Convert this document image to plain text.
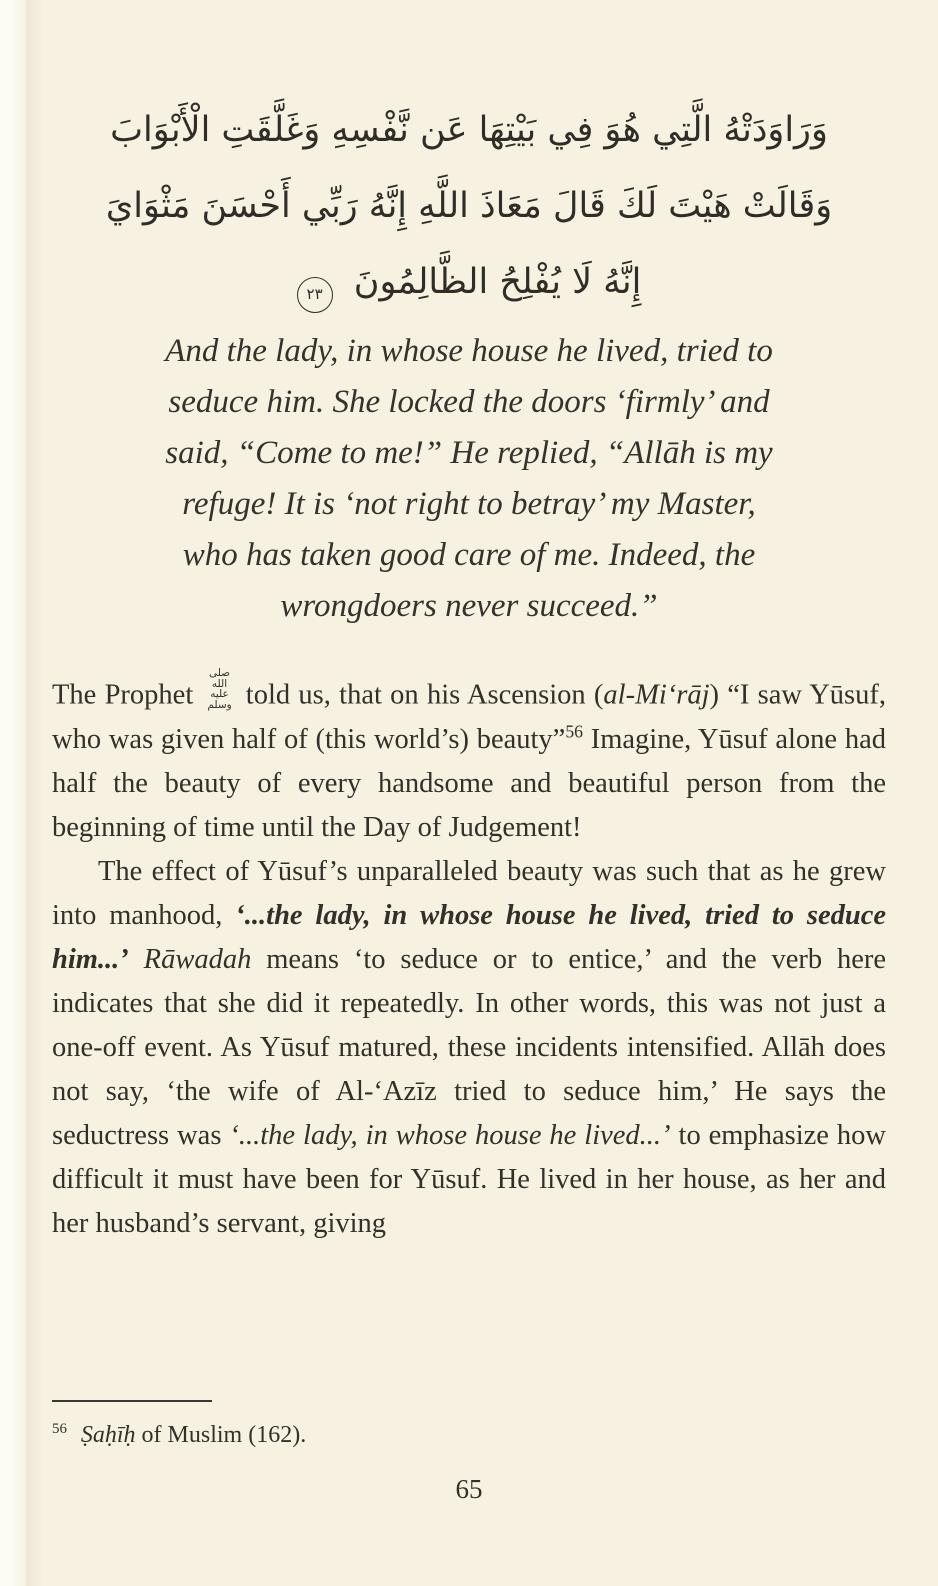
وَرَاوَدَتْهُ الَّتِي هُوَ فِي بَيْتِهَا عَن نَّفْسِهِ وَغَلَّقَتِ الْأَبْوَابَ
وَقَالَتْ هَيْتَ لَكَ قَالَ مَعَاذَ اللَّهِ إِنَّهُ رَبِّي أَحْسَنَ مَثْوَايَ
إِنَّهُ لَا يُفْلِحُ الظَّالِمُونَ ٢٣
And the lady, in whose house he lived, tried to
seduce him. She locked the doors ‘firmly’ and
said, “Come to me!” He replied, “Allāh is my
refuge! It is ‘not right to betray’ my Master,
who has taken good care of me. Indeed, the
wrongdoers never succeed.”

The Prophet صلى الله عليه وسلم told us, that on his Ascension (al-Mi‘rāj) “I saw Yūsuf, who was given half of (this world’s) beauty”$^{56}$ Imagine, Yūsuf alone had half the beauty of every handsome and beautiful person from the beginning of time until the Day of Judgement!

The effect of Yūsuf’s unparalleled beauty was such that as he grew into manhood, ‘...the lady, in whose house he lived, tried to seduce him...’ Rāwadah means ‘to seduce or to entice,’ and the verb here indicates that she did it repeatedly. In other words, this was not just a one-off event. As Yūsuf matured, these incidents intensified. Allāh does not say, ‘the wife of Al-‘Azīz tried to seduce him,’ He says the seductress was ‘...the lady, in whose house he lived...’ to emphasize how difficult it must have been for Yūsuf. He lived in her house, as her and her husband’s servant, giving

$^{56}$ Ṣaḥīḥ of Muslim (162).
65
